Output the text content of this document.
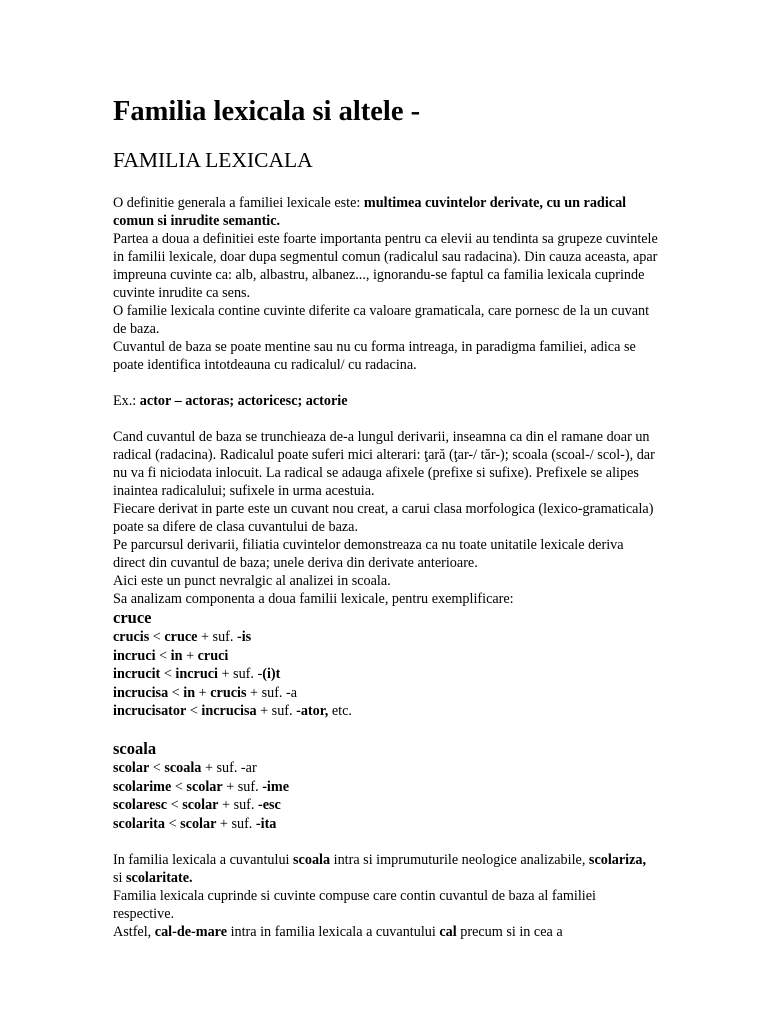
Familia lexicala si altele -
FAMILIA LEXICALA

O definitie generala a familiei lexicale este: multimea cuvintelor derivate, cu un radical comun si inrudite semantic.

Partea a doua a definitiei este foarte importanta pentru ca elevii au tendinta sa grupeze cuvintele in familii lexicale, doar dupa segmentul comun (radicalul sau radacina). Din cauza aceasta, apar impreuna cuvinte ca: alb, albastru, albanez..., ignorandu-se faptul ca familia lexicala cuprinde cuvinte inrudite ca sens.

O familie lexicala contine cuvinte diferite ca valoare gramaticala, care pornesc de la un cuvant de baza.

Cuvantul de baza se poate mentine sau nu cu forma intreaga, in paradigma familiei, adica se poate identifica intotdeauna cu radicalul/ cu radacina.

Ex.: actor – actoras; actoricesc; actorie

Cand cuvantul de baza se trunchieaza de-a lungul derivarii, inseamna ca din el ramane doar un radical (radacina). Radicalul poate suferi mici alterari: ţară (ţar-/ tăr-); scoala (scoal-/ scol-), dar nu va fi niciodata inlocuit. La radical se adauga afixele (prefixe si sufixe). Prefixele se alipes inaintea radicalului; sufixele in urma acestuia.

Fiecare derivat in parte este un cuvant nou creat, a carui clasa morfologica (lexico-gramaticala) poate sa difere de clasa cuvantului de baza.

Pe parcursul derivarii, filiatia cuvintelor demonstreaza ca nu toate unitatile lexicale deriva direct din cuvantul de baza; unele deriva din derivate anterioare.

Aici este un punct nevralgic al analizei in scoala.

Sa analizam componenta a doua familii lexicale, pentru exemplificare:

cruce

crucis < cruce + suf. -is

incruci < in + cruci

incrucit < incruci + suf. -(i)t

incrucisa < in + crucis + suf. -a

incrucisator < incrucisa + suf. -ator, etc.

scoala

scolar < scoala + suf. -ar

scolarime < scolar + suf. -ime

scolaresc < scolar + suf. -esc

scolarita < scolar + suf. -ita

In familia lexicala a cuvantului scoala intra si imprumuturile neologice analizabile, scolariza, si scolaritate.

Familia lexicala cuprinde si cuvinte compuse care contin cuvantul de baza al familiei respective.

Astfel, cal-de-mare intra in familia lexicala a cuvantului cal precum si in cea a
